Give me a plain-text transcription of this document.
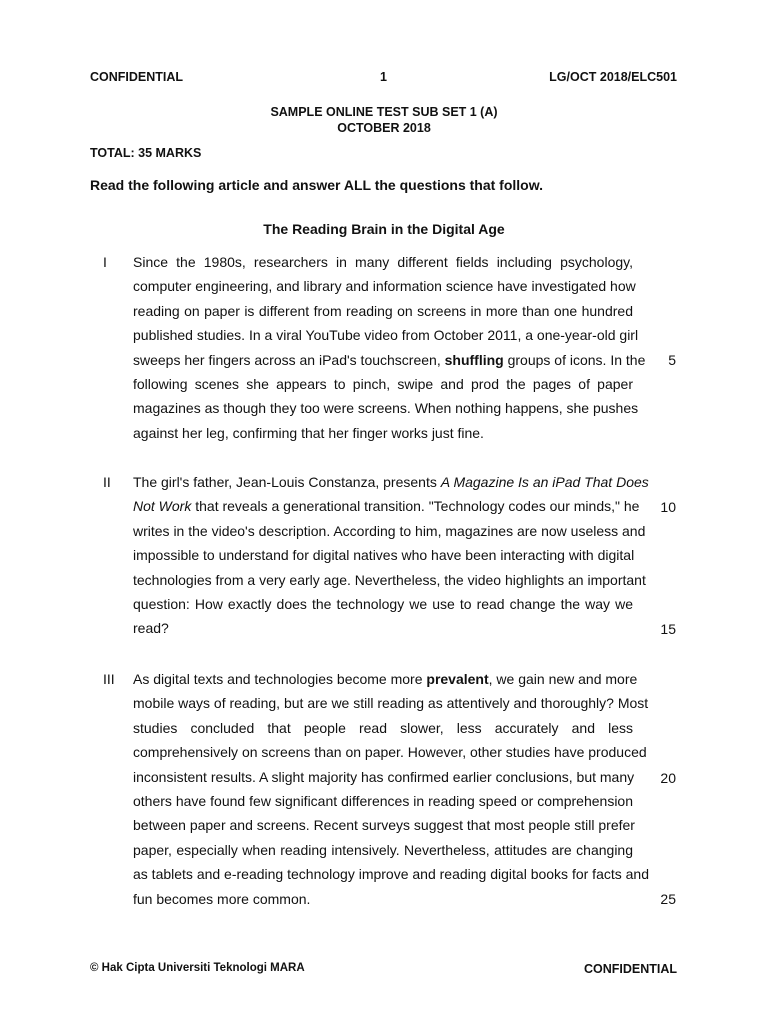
CONFIDENTIAL	1	LG/OCT 2018/ELC501
SAMPLE ONLINE TEST SUB SET 1 (A)
OCTOBER 2018
TOTAL: 35 MARKS
Read the following article and answer ALL the questions that follow.
The Reading Brain in the Digital Age
I Since the 1980s, researchers in many different fields including psychology,
computer engineering, and library and information science have investigated how
reading on paper is different from reading on screens in more than one hundred
published studies. In a viral YouTube video from October 2011, a one-year-old girl
sweeps her fingers across an iPad's touchscreen, shuffling groups of icons. In the
following scenes she appears to pinch, swipe and prod the pages of paper
magazines as though they too were screens. When nothing happens, she pushes
against her leg, confirming that her finger works just fine.
II The girl's father, Jean-Louis Constanza, presents A Magazine Is an iPad That Does
Not Work that reveals a generational transition. "Technology codes our minds," he
writes in the video's description. According to him, magazines are now useless and
impossible to understand for digital natives who have been interacting with digital
technologies from a very early age. Nevertheless, the video highlights an important
question: How exactly does the technology we use to read change the way we
read?
III As digital texts and technologies become more prevalent, we gain new and more
mobile ways of reading, but are we still reading as attentively and thoroughly? Most
studies concluded that people read slower, less accurately and less
comprehensively on screens than on paper. However, other studies have produced
inconsistent results. A slight majority has confirmed earlier conclusions, but many
others have found few significant differences in reading speed or comprehension
between paper and screens. Recent surveys suggest that most people still prefer
paper, especially when reading intensively. Nevertheless, attitudes are changing
as tablets and e-reading technology improve and reading digital books for facts and
fun becomes more common.
5
10
15
20
25
© Hak Cipta Universiti Teknologi MARA	CONFIDENTIAL
